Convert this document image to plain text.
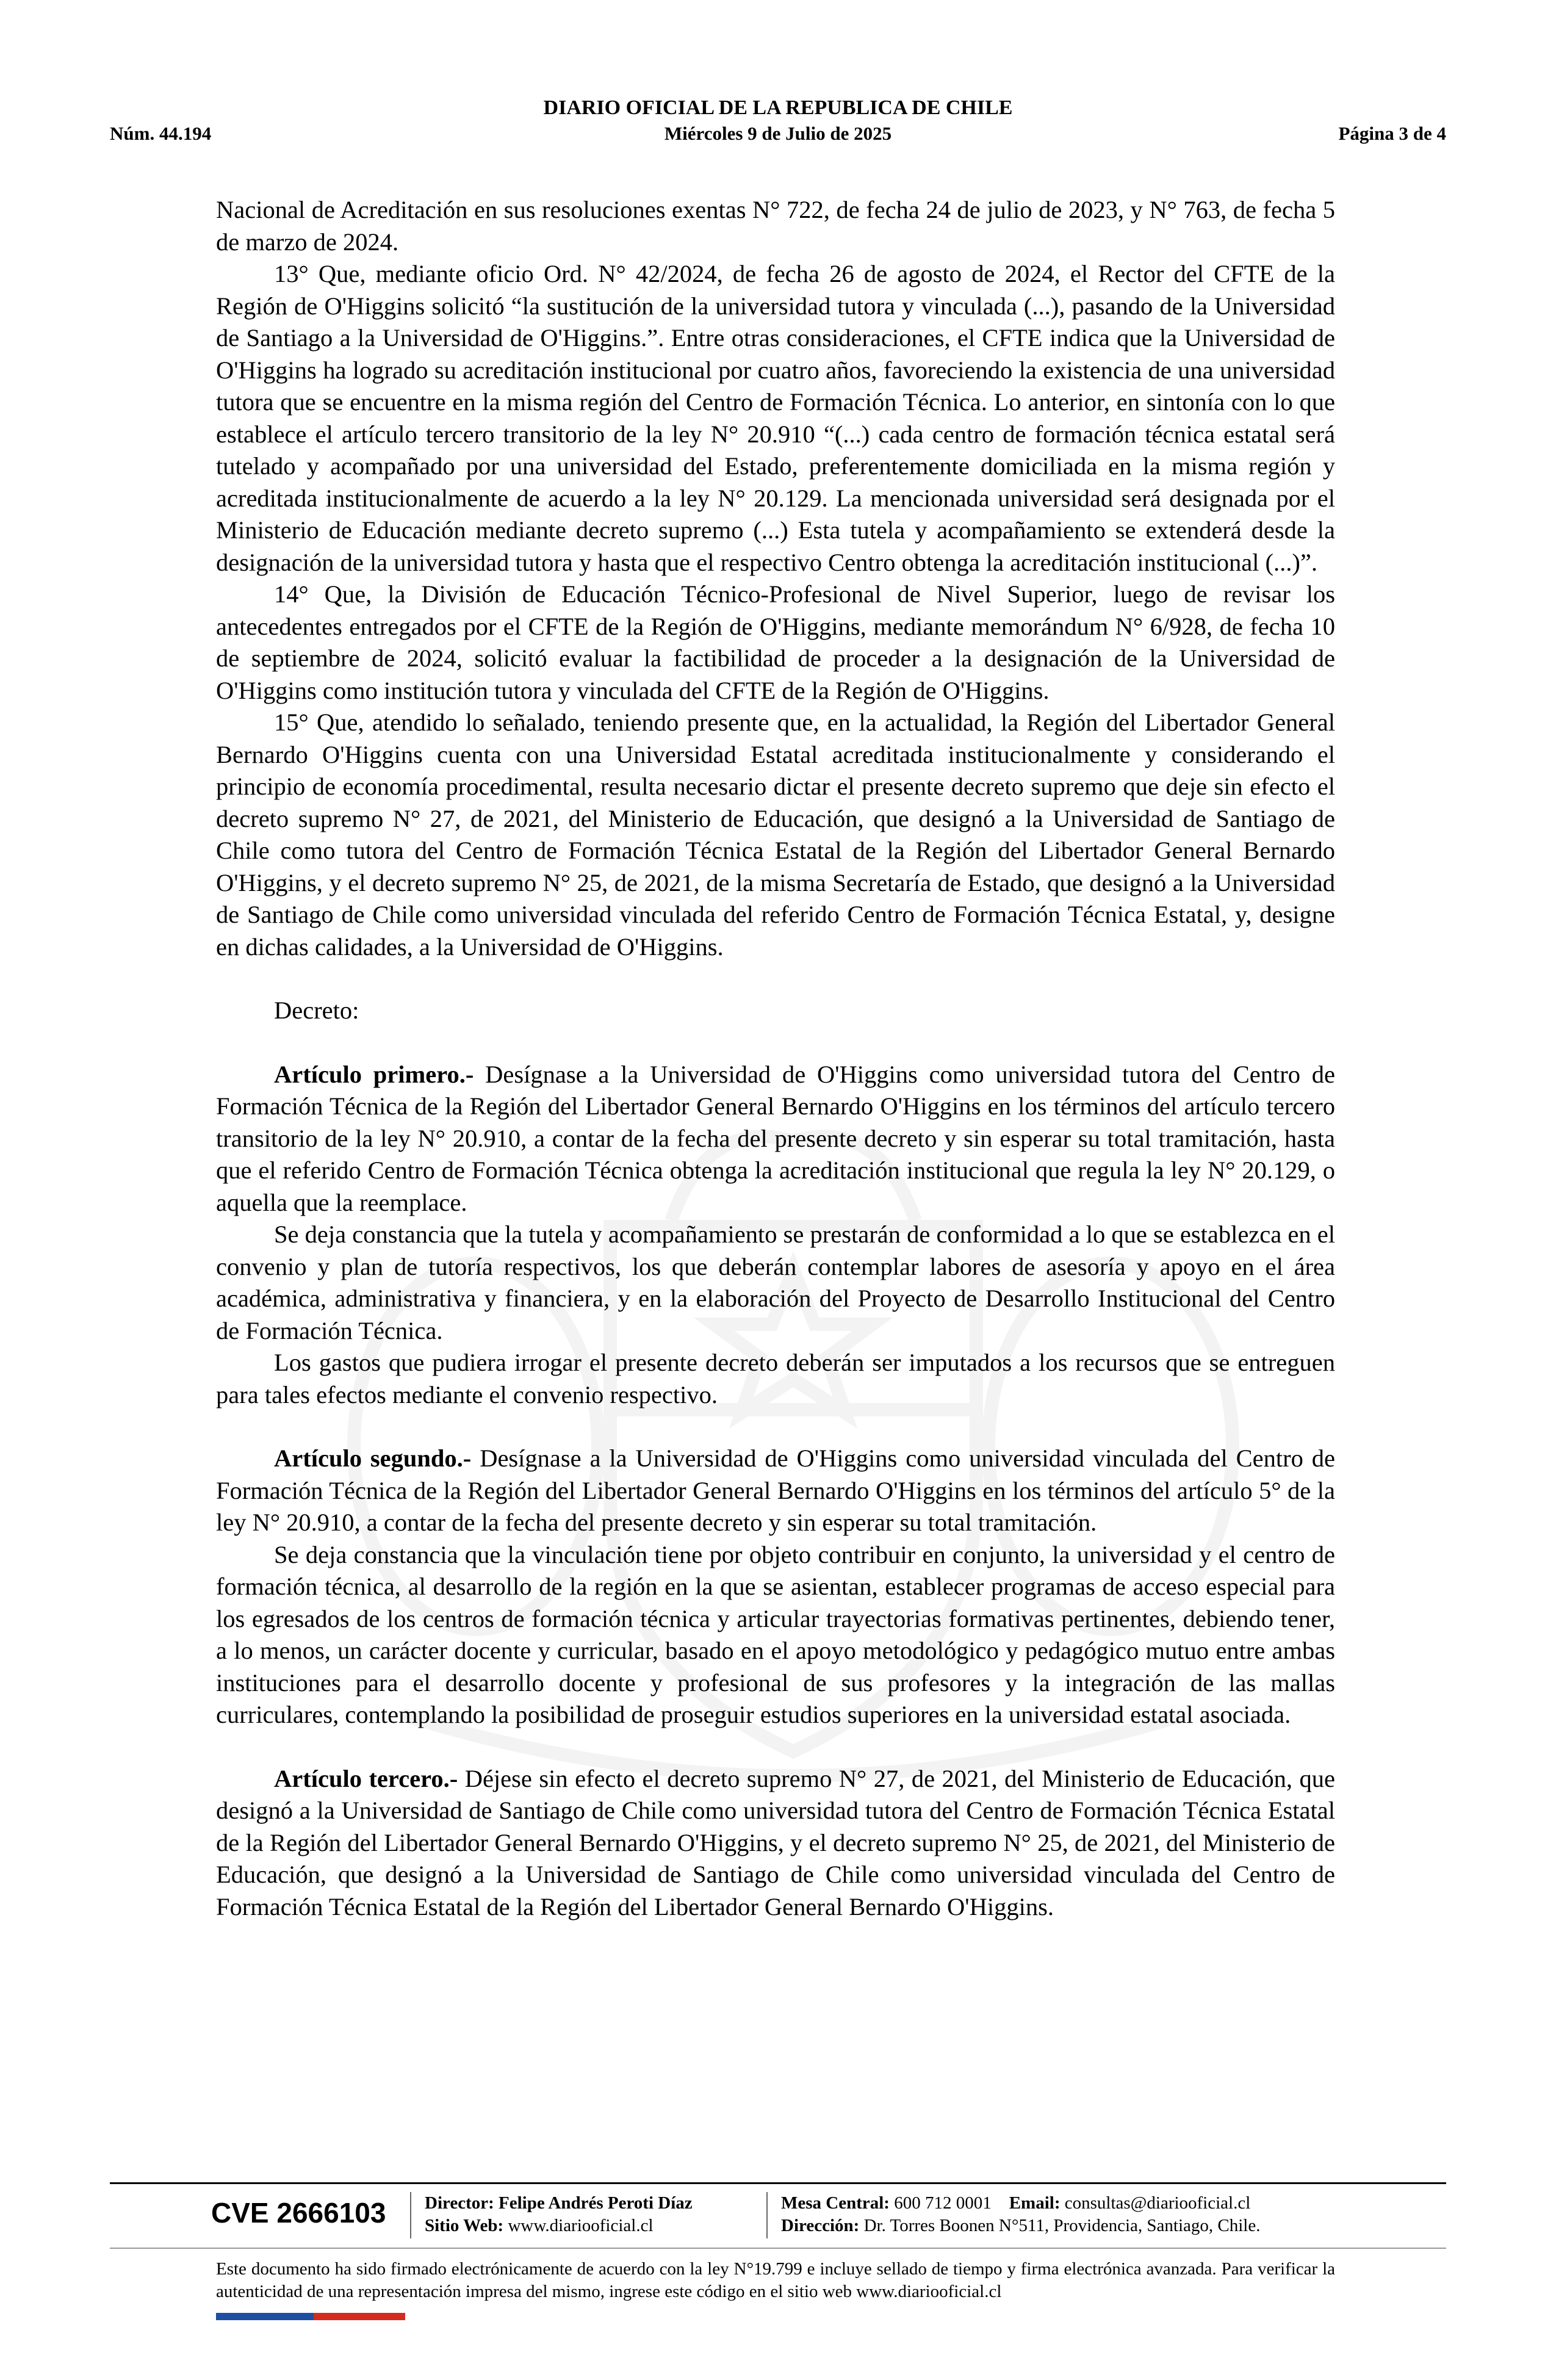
DIARIO OFICIAL DE LA REPUBLICA DE CHILE
Miércoles 9 de Julio de 2025
Núm. 44.194	Página 3 de 4

Nacional de Acreditación en sus resoluciones exentas N° 722, de fecha 24 de julio de 2023, y N° 763, de fecha 5 de marzo de 2024.

13° Que, mediante oficio Ord. N° 42/2024, de fecha 26 de agosto de 2024, el Rector del CFTE de la Región de O'Higgins solicitó “la sustitución de la universidad tutora y vinculada (...), pasando de la Universidad de Santiago a la Universidad de O'Higgins.”. Entre otras consideraciones, el CFTE indica que la Universidad de O'Higgins ha logrado su acreditación institucional por cuatro años, favoreciendo la existencia de una universidad tutora que se encuentre en la misma región del Centro de Formación Técnica. Lo anterior, en sintonía con lo que establece el artículo tercero transitorio de la ley N° 20.910 “(...) cada centro de formación técnica estatal será tutelado y acompañado por una universidad del Estado, preferentemente domiciliada en la misma región y acreditada institucionalmente de acuerdo a la ley N° 20.129. La mencionada universidad será designada por el Ministerio de Educación mediante decreto supremo (...) Esta tutela y acompañamiento se extenderá desde la designación de la universidad tutora y hasta que el respectivo Centro obtenga la acreditación institucional (...)”.

14° Que, la División de Educación Técnico-Profesional de Nivel Superior, luego de revisar los antecedentes entregados por el CFTE de la Región de O'Higgins, mediante memorándum N° 6/928, de fecha 10 de septiembre de 2024, solicitó evaluar la factibilidad de proceder a la designación de la Universidad de O'Higgins como institución tutora y vinculada del CFTE de la Región de O'Higgins.

15° Que, atendido lo señalado, teniendo presente que, en la actualidad, la Región del Libertador General Bernardo O'Higgins cuenta con una Universidad Estatal acreditada institucionalmente y considerando el principio de economía procedimental, resulta necesario dictar el presente decreto supremo que deje sin efecto el decreto supremo N° 27, de 2021, del Ministerio de Educación, que designó a la Universidad de Santiago de Chile como tutora del Centro de Formación Técnica Estatal de la Región del Libertador General Bernardo O'Higgins, y el decreto supremo N° 25, de 2021, de la misma Secretaría de Estado, que designó a la Universidad de Santiago de Chile como universidad vinculada del referido Centro de Formación Técnica Estatal, y, designe en dichas calidades, a la Universidad de O'Higgins.

Decreto:

Artículo primero.- Desígnase a la Universidad de O'Higgins como universidad tutora del Centro de Formación Técnica de la Región del Libertador General Bernardo O'Higgins en los términos del artículo tercero transitorio de la ley N° 20.910, a contar de la fecha del presente decreto y sin esperar su total tramitación, hasta que el referido Centro de Formación Técnica obtenga la acreditación institucional que regula la ley N° 20.129, o aquella que la reemplace.

Se deja constancia que la tutela y acompañamiento se prestarán de conformidad a lo que se establezca en el convenio y plan de tutoría respectivos, los que deberán contemplar labores de asesoría y apoyo en el área académica, administrativa y financiera, y en la elaboración del Proyecto de Desarrollo Institucional del Centro de Formación Técnica.

Los gastos que pudiera irrogar el presente decreto deberán ser imputados a los recursos que se entreguen para tales efectos mediante el convenio respectivo.

Artículo segundo.- Desígnase a la Universidad de O'Higgins como universidad vinculada del Centro de Formación Técnica de la Región del Libertador General Bernardo O'Higgins en los términos del artículo 5° de la ley N° 20.910, a contar de la fecha del presente decreto y sin esperar su total tramitación.

Se deja constancia que la vinculación tiene por objeto contribuir en conjunto, la universidad y el centro de formación técnica, al desarrollo de la región en la que se asientan, establecer programas de acceso especial para los egresados de los centros de formación técnica y articular trayectorias formativas pertinentes, debiendo tener, a lo menos, un carácter docente y curricular, basado en el apoyo metodológico y pedagógico mutuo entre ambas instituciones para el desarrollo docente y profesional de sus profesores y la integración de las mallas curriculares, contemplando la posibilidad de proseguir estudios superiores en la universidad estatal asociada.

Artículo tercero.- Déjese sin efecto el decreto supremo N° 27, de 2021, del Ministerio de Educación, que designó a la Universidad de Santiago de Chile como universidad tutora del Centro de Formación Técnica Estatal de la Región del Libertador General Bernardo O'Higgins, y el decreto supremo N° 25, de 2021, del Ministerio de Educación, que designó a la Universidad de Santiago de Chile como universidad vinculada del Centro de Formación Técnica Estatal de la Región del Libertador General Bernardo O'Higgins.

CVE 2666103 Director: Felipe Andrés Peroti Díaz
Sitio Web: www.diariooficial.cl
Mesa Central: 600 712 0001 Email: consultas@diariooficial.cl
Dirección: Dr. Torres Boonen N°511, Providencia, Santiago, Chile.
Este documento ha sido firmado electrónicamente de acuerdo con la ley N°19.799 e incluye sellado de tiempo y firma electrónica avanzada. Para verificar la autenticidad de una representación impresa del mismo, ingrese este código en el sitio web www.diariooficial.cl
